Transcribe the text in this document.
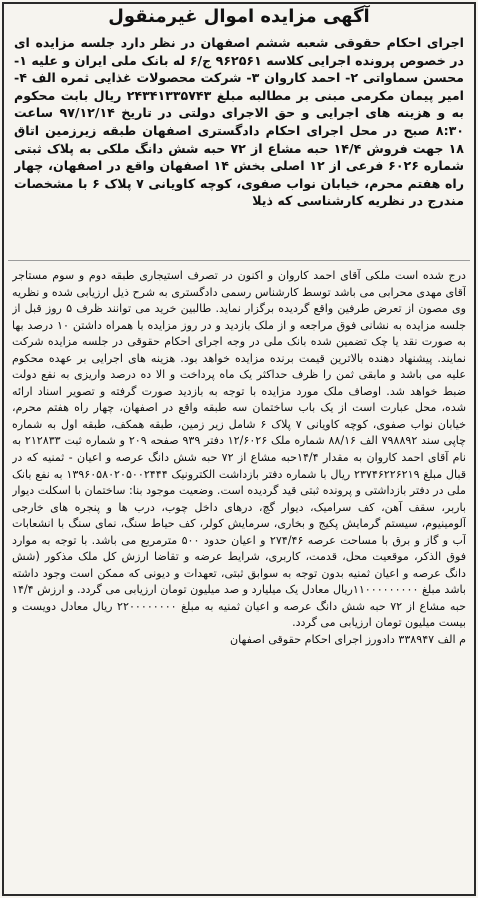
آگهی مزایده اموال غیرمنقول
اجرای احکام حقوقی شعبه ششم اصفهان در نظر دارد جلسه مزایده ای در خصوص پرونده اجرایی کلاسه ۹۶۲۵۶۱ ج/۶ له بانک ملی ایران و علیه ۱- محسن سماواتی ۲- احمد کاروان ۳- شرکت محصولات غذایی ثمره الف ۴- امیر پیمان مکرمی مبنی بر مطالبه مبلغ ۲۴۳۴۱۳۳۵۷۴۳ ریال بابت محکوم به و هزینه های اجرایی و حق الاجرای دولتی در تاریخ ۹۷/۱۲/۱۴ ساعت ۸:۳۰ صبح در محل اجرای احکام دادگستری اصفهان طبقه زیرزمین اتاق ۱۸ جهت فروش ۱۴/۴ حبه مشاع از ۷۲ حبه شش دانگ ملکی به پلاک ثبتی شماره ۶۰۲۶ فرعی از ۱۲ اصلی بخش ۱۴ اصفهان واقع در اصفهان، چهار راه هفتم محرم، خیابان نواب صفوی، کوچه کاویانی ۷ پلاک ۶ با مشخصات مندرج در نظریه کارشناسی که ذیلا
درج شده است ملکی آقای احمد کاروان و اکنون در تصرف استیجاری طبقه دوم و سوم مستاجر آقای مهدی محرابی می باشد توسط کارشناس رسمی دادگستری به شرح ذیل ارزیابی شده و نظریه وی مصون از تعرض طرفین واقع گردیده برگزار نماید. طالبین خرید می توانند ظرف ۵ روز قبل از جلسه مزایده به نشانی فوق مراجعه و از ملک بازدید و در روز مزایده با همراه داشتن ۱۰ درصد بها به صورت نقد یا چک تضمین شده بانک ملی در وجه اجرای احکام حقوقی در جلسه مزایده شرکت نمایند. پیشنهاد دهنده بالاترین قیمت برنده مزایده خواهد بود. هزینه های اجرایی بر عهده محکوم علیه می باشد و مابقی ثمن را ظرف حداکثر یک ماه پرداخت و الا ده درصد واریزی به نفع دولت ضبط خواهد شد. اوصاف ملک مورد مزایده با توجه به بازدید صورت گرفته و تصویر اسناد ارائه شده، محل عبارت است از یک باب ساختمان سه طبقه واقع در اصفهان، چهار راه هفتم محرم، خیابان نواب صفوی، کوچه کاویانی ۷ پلاک ۶ شامل زیر زمین، طبقه همکف، طبقه اول به شماره چاپی سند ۷۹۸۸۹۲ الف ۸۸/۱۶ شماره ملک ۱۲/۶۰۲۶ دفتر ۹۳۹ صفحه ۲۰۹ و شماره ثبت ۲۱۲۸۳۳ به نام آقای احمد کاروان به مقدار ۱۴/۴حبه مشاع از ۷۲ حبه شش دانگ عرصه و اعیان - ثمنیه که در قبال مبلغ ۲۳۷۴۶۲۲۶۲۱۹ ریال با شماره دفتر بازداشت الکترونیک ۱۳۹۶۰۵۸۰۲۰۵۰۰۲۴۴۴ به نفع بانک ملی در دفتر بازداشتی و پرونده ثبتی قید گردیده است. وضعیت موجود بنا: ساختمان با اسکلت دیوار باربر، سقف آهن، کف سرامیک، دیوار گچ، درهای داخل چوب، درب ها و پنجره های خارجی آلومینیوم، سیستم گرمایش پکیج و بخاری، سرمایش کولر، کف حیاط سنگ، نمای سنگ با انشعابات آب و گاز و برق با مساحت عرصه ۲۷۴/۴۶ و اعیان حدود ۵۰۰ مترمربع می باشد. با توجه به موارد فوق الذکر، موقعیت محل، قدمت، کاربری، شرایط عرضه و تقاضا ارزش کل ملک مذکور (شش دانگ عرصه و اعیان ثمنیه بدون توجه به سوابق ثبتی، تعهدات و دیونی که ممکن است وجود داشته باشد مبلغ ۱۱۰۰۰۰۰۰۰۰۰ریال معادل یک میلیارد و صد میلیون تومان ارزیابی می گردد. و ارزش ۱۴/۴ حبه مشاع از ۷۲ حبه شش دانگ عرصه و اعیان ثمنیه به مبلغ ۲۲۰۰۰۰۰۰۰۰ ریال معادل دویست و بیست میلیون تومان ارزیابی می گردد.
م الف ۳۳۸۹۴۷ دادورز اجرای احکام حقوقی اصفهان
